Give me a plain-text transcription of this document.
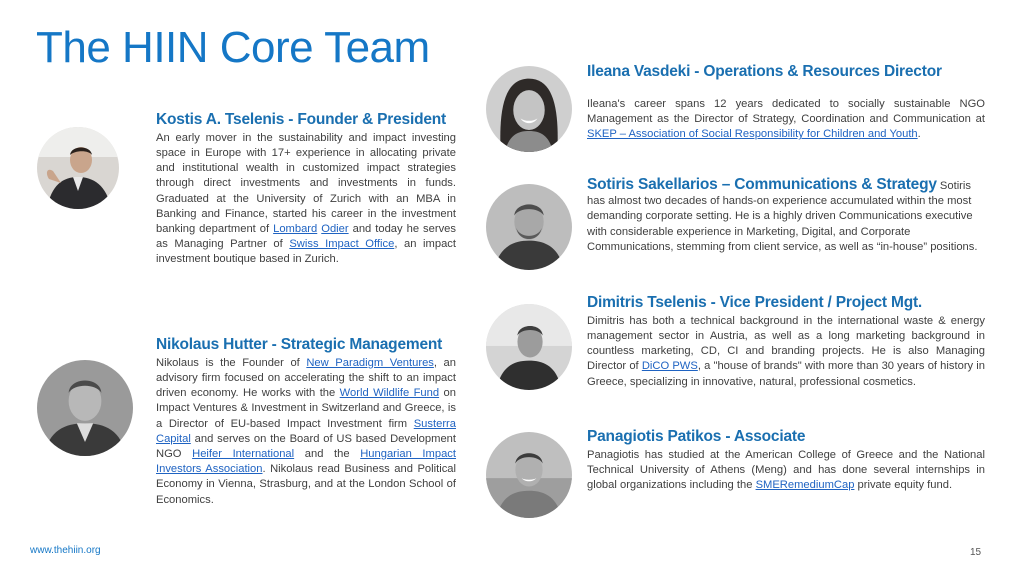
The HIIN Core Team
Kostis A. Tselenis - Founder & President

An early mover in the sustainability and impact investing space in Europe with 17+ experience in allocating private and institutional wealth in customized impact strategies through direct investments and investments in funds. Graduated at the University of Zurich with an MBA in Banking and Finance, started his career in the investment banking department of Lombard Odier and today he serves as Managing Partner of Swiss Impact Office, an impact investment boutique based in Zurich.

Nikolaus Hutter - Strategic Management

Nikolaus is the Founder of New Paradigm Ventures, an advisory firm focused on accelerating the shift to an impact driven economy. He works with the World Wildlife Fund on Impact Ventures & Investment in Switzerland and Greece, is a Director of EU-based Impact Investment firm Susterra Capital and serves on the Board of US based Development NGO Heifer International and the Hungarian Impact Investors Association. Nikolaus read Business and Political Economy in Vienna, Strasburg, and at the London School of Economics.

Ileana Vasdeki - Operations & Resources Director

Ileana's career spans 12 years dedicated to socially sustainable NGO Management as the Director of Strategy, Coordination and Communication at SKEP – Association of Social Responsibility for Children and Youth.

Sotiris Sakellarios – Communications & Strategy Sotiris has almost two decades of hands-on experience accumulated within the most demanding corporate setting. He is a highly driven Communications executive with considerable experience in Marketing, Digital, and Corporate Communications, stemming from client service, as well as “in-house” positions.

Dimitris Tselenis - Vice President / Project Mgt.

Dimitris has both a technical background in the international waste & energy management sector in Austria, as well as a long marketing background in countless marketing, CD, CI and branding projects. He is also Managing Director of DiCO PWS, a "house of brands" with more than 30 years of history in Greece, specializing in innovative, natural, professional cosmetics.

Panagiotis Patikos - Associate

Panagiotis has studied at the American College of Greece and the National Technical University of Athens (Meng) and has done several internships in global organizations including the SMERemediumCap private equity fund.

www.thehiin.org	15
